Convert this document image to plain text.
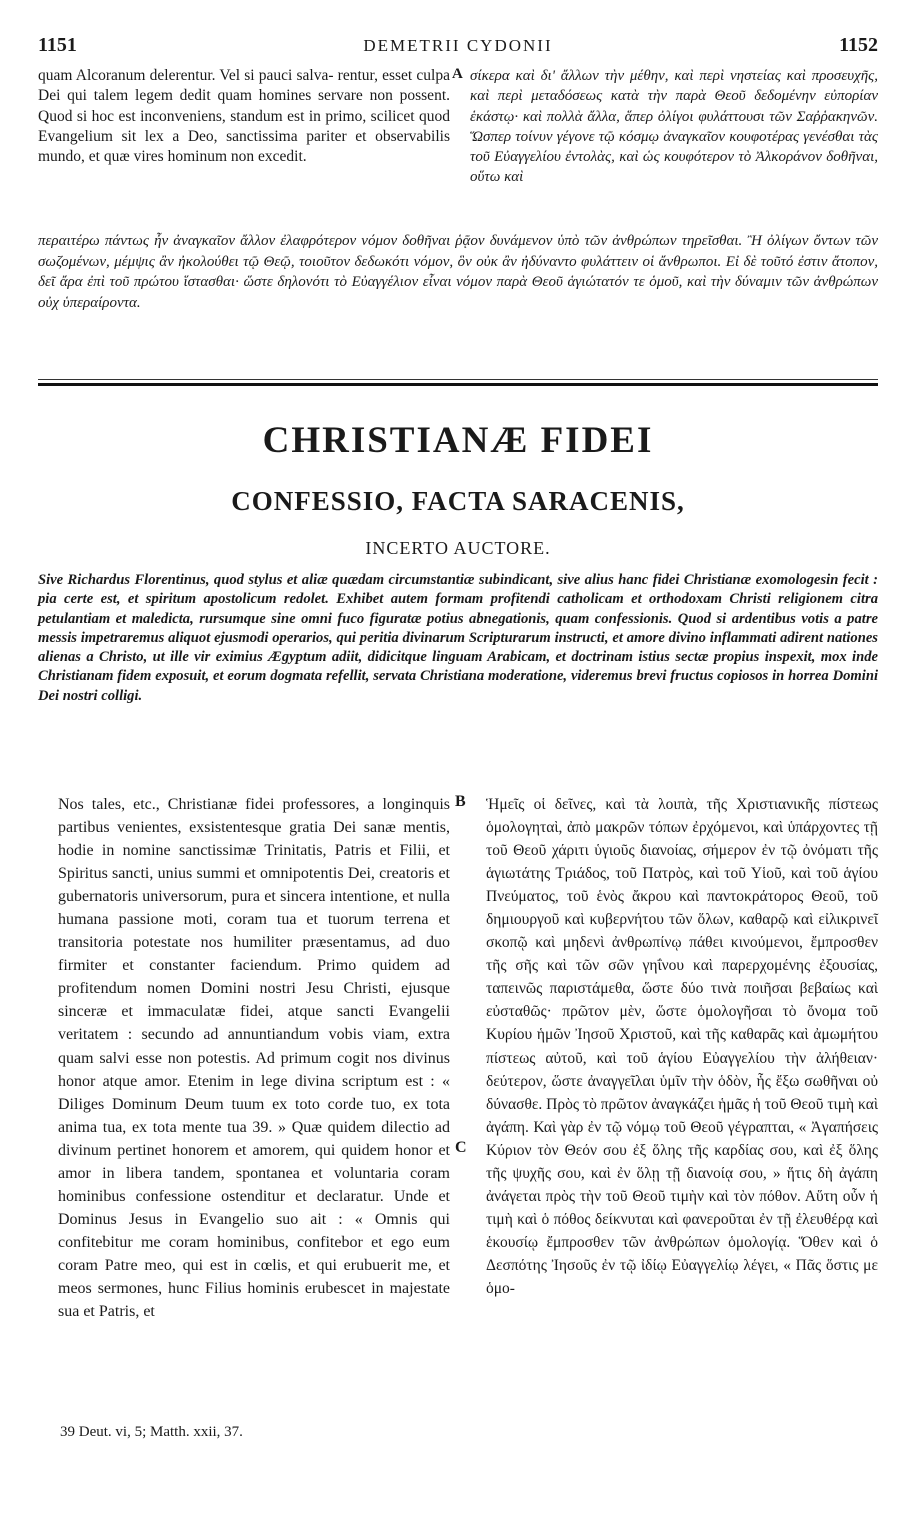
1151	DEMETRII CYDONII	1152
quam Alcoranum delerentur. Vel si pauci salva- rentur, esset culpa Dei qui talem legem dedit quam homines servare non possent. Quod si hoc est inconveniens, standum est in primo, scilicet quod Evangelium sit lex a Deo, sanctissima pariter et observabilis mundo, et quæ vires hominum non excedit.
A σίκερα καὶ δι' ἄλλων τὴν μέθην, καὶ περὶ νηστείας καὶ προσευχῆς, καὶ περὶ μεταδόσεως κατὰ τὴν παρὰ Θεοῦ δεδομένην εὐπορίαν ἑκάστῳ· καὶ πολλὰ ἄλλα, ἅπερ ὀλίγοι φυλάττουσι τῶν Σαῤῥακηνῶν. Ὥσπερ τοίνυν γέγονε τῷ κόσμῳ ἀναγκαῖον κουφοτέρας γενέσθαι τὰς τοῦ Εὐαγγελίου ἐντολὰς, καὶ ὡς κουφότερον τὸ Ἀλκοράνον δοθῆναι, οὕτω καὶ
περαιτέρω πάντως ἦν ἀναγκαῖον ἄλλον ἐλαφρότερον νόμον δοθῆναι ῥᾷον δυνάμενον ὑπὸ τῶν ἀνθρώπων τηρεῖσθαι. Ἢ ὀλίγων ὄντων τῶν σωζομένων, μέμψις ἂν ἠκολούθει τῷ Θεῷ, τοιοῦτον δεδωκότι νόμον, ὃν οὐκ ἂν ἠδύναντο φυλάττειν οἱ ἄνθρωποι. Εἰ δὲ τοῦτό ἐστιν ἄτοπον, δεῖ ἄρα ἐπὶ τοῦ πρώτου ἵστασθαι· ὥστε δηλονότι τὸ Εὐαγγέλιον εἶναι νόμον παρὰ Θεοῦ ἁγιώτατόν τε ὁμοῦ, καὶ τὴν δύναμιν τῶν ἀνθρώπων οὐχ ὑπεραίροντα.
CHRISTIANÆ FIDEI
CONFESSIO, FACTA SARACENIS,
INCERTO AUCTORE.
Sive Richardus Florentinus, quod stylus et aliæ quædam circumstantiæ subindicant, sive alius hanc fidei Christianæ exomologesin fecit : pia certe est, et spiritum apostolicum redolet. Exhibet autem formam profitendi catholicam et orthodoxam Christi religionem citra petulantiam et maledicta, rursumque sine omni fuco figuratæ potius abnegationis, quam confessionis. Quod si ardentibus votis a patre messis impetraremus aliquot ejusmodi operarios, qui peritia divinarum Scripturarum instructi, et amore divino inflammati adirent nationes alienas a Christo, ut ille vir eximius Ægyptum adiit, didicitque linguam Arabicam, et doctrinam istius sectæ propius inspexit, mox inde Christianam fidem exposuit, et eorum dogmata refellit, servata Christiana moderatione, videremus brevi fructus copiosos in horrea Domini Dei nostri colligi.
Nos tales, etc., Christianæ fidei professores, a longinquis partibus venientes, exsistentesque gratia Dei sanæ mentis, hodie in nomine sanctissimæ Trinitatis, Patris et Filii, et Spiritus sancti, unius summi et omnipotentis Dei, creatoris et gubernatoris universorum, pura et sincera intentione, et nulla humana passione moti, coram tua et tuorum terrena et transitoria potestate nos humiliter præsentamus, ad duo firmiter et constanter faciendum. Primo quidem ad profitendum nomen Domini nostri Jesu Christi, ejusque sinceræ et immaculatæ fidei, atque sancti Evangelii veritatem : secundo ad annuntiandum vobis viam, extra quam salvi esse non potestis. Ad primum cogit nos divinus honor atque amor. Etenim in lege divina scriptum est : « Diliges Dominum Deum tuum ex toto corde tuo, ex tota anima tua, ex tota mente tua 39. » Quæ quidem dilectio ad divinum pertinet honorem et amorem, qui quidem honor et amor in libera tandem, spontanea et voluntaria coram hominibus confessione ostenditur et declaratur. Unde et Dominus Jesus in Evangelio suo ait : « Omnis qui confitebitur me coram hominibus, confitebor et ego eum coram Patre meo, qui est in cœlis, et qui erubuerit me, et meos sermones, hunc Filius hominis erubescet in majestate sua et Patris, et
B
C
Ἡμεῖς οἱ δεῖνες, καὶ τὰ λοιπὰ, τῆς Χριστιανικῆς πίστεως ὁμολογηταὶ, ἀπὸ μακρῶν τόπων ἐρχόμενοι, καὶ ὑπάρχοντες τῇ τοῦ Θεοῦ χάριτι ὑγιοῦς διανοίας, σήμερον ἐν τῷ ὀνόματι τῆς ἁγιωτάτης Τριάδος, τοῦ Πατρὸς, καὶ τοῦ Υἱοῦ, καὶ τοῦ ἁγίου Πνεύματος, τοῦ ἑνὸς ἄκρου καὶ παντοκράτορος Θεοῦ, τοῦ δημιουργοῦ καὶ κυβερνήτου τῶν ὅλων, καθαρῷ καὶ εἰλικρινεῖ σκοπῷ καὶ μηδενὶ ἀνθρωπίνῳ πάθει κινούμενοι, ἔμπροσθεν τῆς σῆς καὶ τῶν σῶν γηΐνου καὶ παρερχομένης ἐξουσίας, ταπεινῶς παριστάμεθα, ὥστε δύο τινὰ ποιῆσαι βεβαίως καὶ εὐσταθῶς· πρῶτον μὲν, ὥστε ὁμολογῆσαι τὸ ὄνομα τοῦ Κυρίου ἡμῶν Ἰησοῦ Χριστοῦ, καὶ τῆς καθαρᾶς καὶ ἀμωμήτου πίστεως αὐτοῦ, καὶ τοῦ ἁγίου Εὐαγγελίου τὴν ἀλήθειαν· δεύτερον, ὥστε ἀναγγεῖλαι ὑμῖν τὴν ὁδὸν, ἧς ἔξω σωθῆναι οὐ δύνασθε. Πρὸς τὸ πρῶτον ἀναγκάζει ἡμᾶς ἡ τοῦ Θεοῦ τιμὴ καὶ ἀγάπη. Καὶ γὰρ ἐν τῷ νόμῳ τοῦ Θεοῦ γέγραπται, « Ἀγαπήσεις Κύριον τὸν Θεόν σου ἐξ ὅλης τῆς καρδίας σου, καὶ ἐξ ὅλης τῆς ψυχῆς σου, καὶ ἐν ὅλῃ τῇ διανοίᾳ σου, » ἥτις δὴ ἀγάπη ἀνάγεται πρὸς τὴν τοῦ Θεοῦ τιμὴν καὶ τὸν πόθον. Αὕτη οὖν ἡ τιμὴ καὶ ὁ πόθος δείκνυται καὶ φανεροῦται ἐν τῇ ἐλευθέρᾳ καὶ ἑκουσίῳ ἔμπροσθεν τῶν ἀνθρώπων ὁμολογίᾳ. Ὅθεν καὶ ὁ Δεσπότης Ἰησοῦς ἐν τῷ ἰδίῳ Εὐαγγελίῳ λέγει, « Πᾶς ὅστις με ὁμο-
39 Deut. vi, 5; Matth. xxii, 37.
